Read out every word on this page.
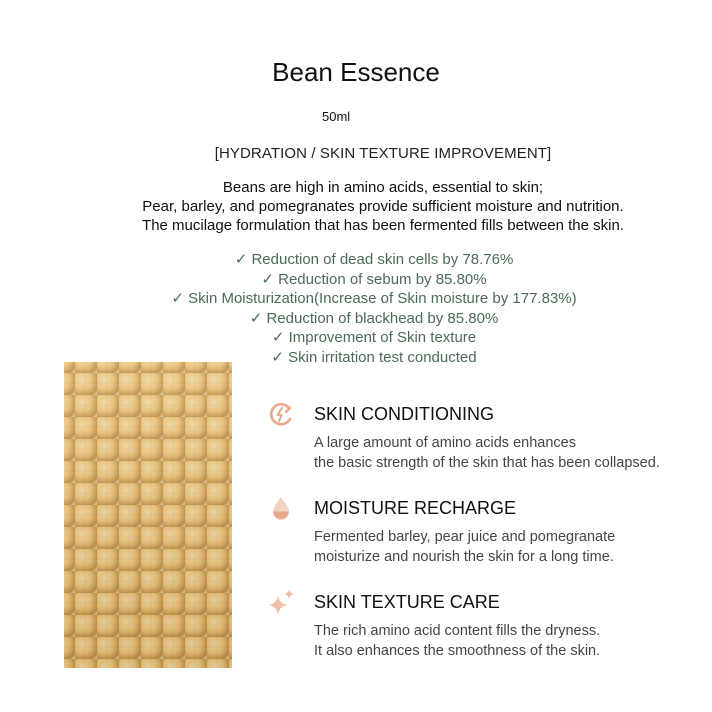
Bean Essence
50ml
[HYDRATION / SKIN TEXTURE IMPROVEMENT]
Beans are high in amino acids, essential to skin;
Pear, barley, and pomegranates provide sufficient moisture and nutrition.
The mucilage formulation that has been fermented fills between the skin.
✓ Reduction of dead skin cells by 78.76%
✓ Reduction of sebum by 85.80%
✓ Skin Moisturization(Increase of Skin moisture by 177.83%)
✓ Reduction of blackhead by 85.80%
✓ Improvement of Skin texture
✓ Skin irritation test conducted
SKIN CONDITIONING
A large amount of amino acids enhances
the basic strength of the skin that has been collapsed.
MOISTURE RECHARGE
Fermented barley, pear juice and pomegranate
moisturize and nourish the skin for a long time.
SKIN TEXTURE CARE
The rich amino acid content fills the dryness.
It also enhances the smoothness of the skin.
